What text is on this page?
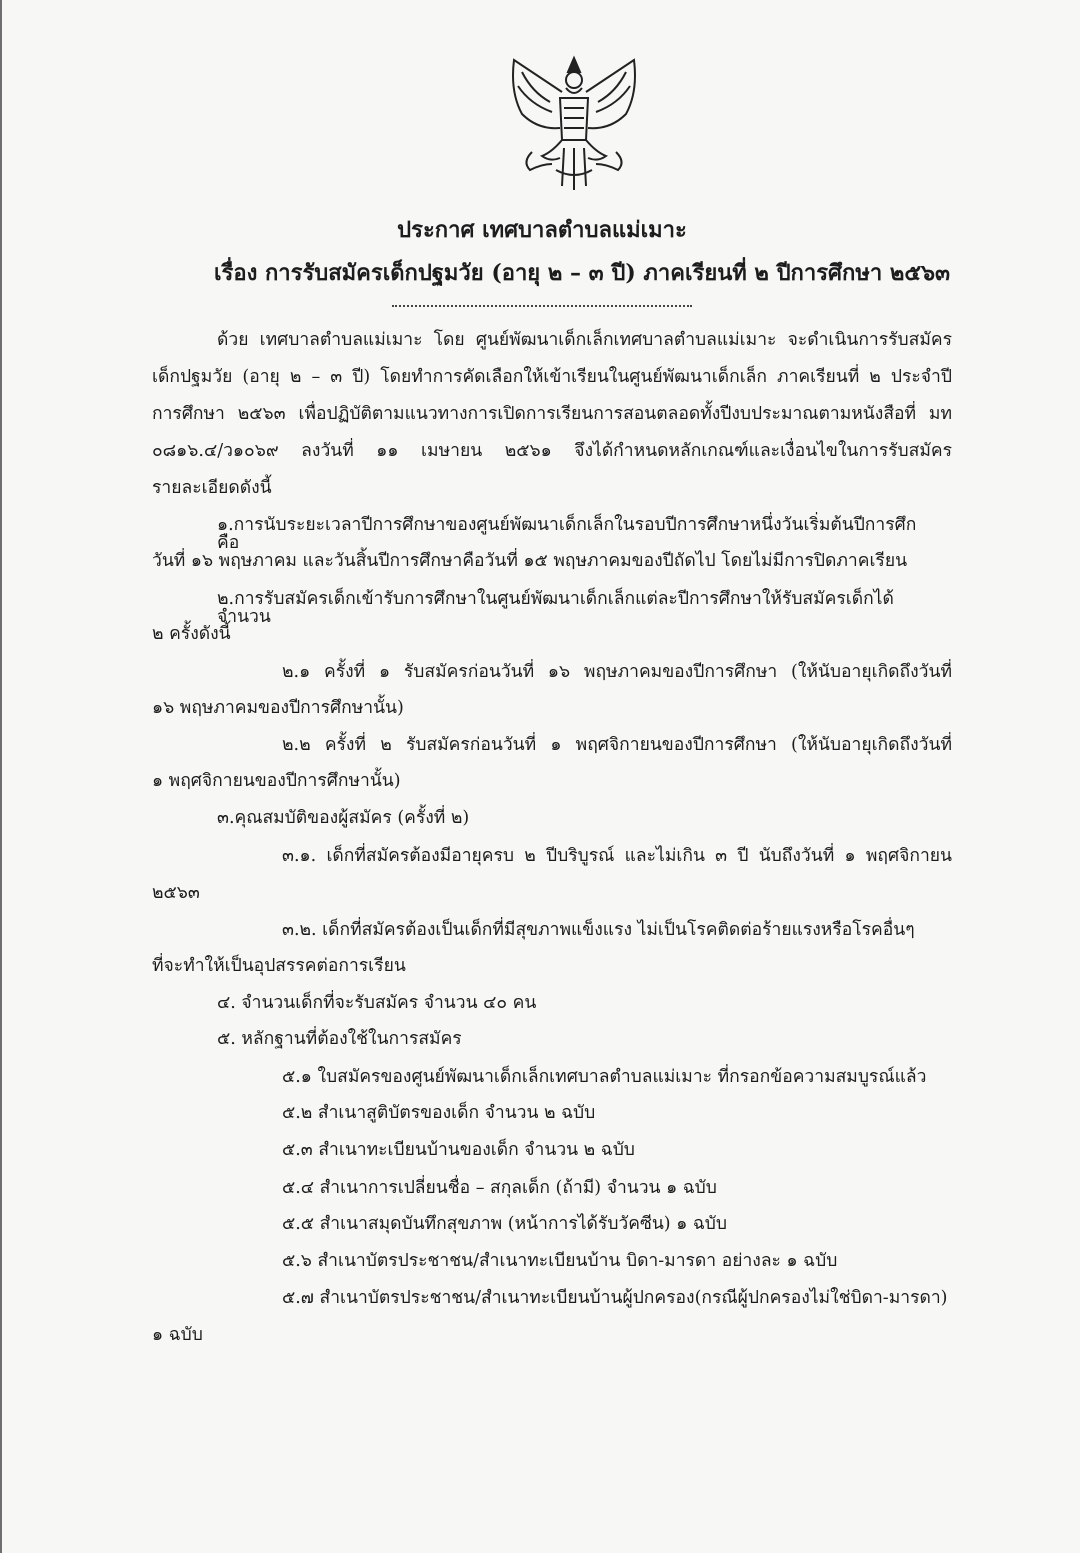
ประกาศ เทศบาลตำบลแม่เมาะ
เรื่อง การรับสมัครเด็กปฐมวัย (อายุ ๒ – ๓ ปี) ภาคเรียนที่ ๒ ปีการศึกษา ๒๕๖๓
ด้วย เทศบาลตำบลแม่เมาะ โดย ศูนย์พัฒนาเด็กเล็กเทศบาลตำบลแม่เมาะ จะดำเนินการรับสมัคร
เด็กปฐมวัย (อายุ ๒ – ๓ ปี) โดยทำการคัดเลือกให้เข้าเรียนในศูนย์พัฒนาเด็กเล็ก ภาคเรียนที่ ๒ ประจำปี
การศึกษา ๒๕๖๓ เพื่อปฏิบัติตามแนวทางการเปิดการเรียนการสอนตลอดทั้งปีงบประมาณตามหนังสือที่ มท
๐๘๑๖.๔/ว๑๐๖๙ ลงวันที่ ๑๑ เมษายน ๒๕๖๑ จึงได้กำหนดหลักเกณฑ์และเงื่อนไขในการรับสมัคร
รายละเอียดดังนี้
๑.การนับระยะเวลาปีการศึกษาของศูนย์พัฒนาเด็กเล็กในรอบปีการศึกษาหนึ่งวันเริ่มต้นปีการศึกคือ
วันที่ ๑๖ พฤษภาคม และวันสิ้นปีการศึกษาคือวันที่ ๑๕ พฤษภาคมของปีถัดไป โดยไม่มีการปิดภาคเรียน
๒.การรับสมัครเด็กเข้ารับการศึกษาในศูนย์พัฒนาเด็กเล็กแต่ละปีการศึกษาให้รับสมัครเด็กได้จำนวน
๒ ครั้งดังนี้
๒.๑ ครั้งที่ ๑ รับสมัครก่อนวันที่ ๑๖ พฤษภาคมของปีการศึกษา (ให้นับอายุเกิดถึงวันที่
๑๖ พฤษภาคมของปีการศึกษานั้น)
๒.๒ ครั้งที่ ๒ รับสมัครก่อนวันที่ ๑ พฤศจิกายนของปีการศึกษา (ให้นับอายุเกิดถึงวันที่
๑ พฤศจิกายนของปีการศึกษานั้น)
๓.คุณสมบัติของผู้สมัคร (ครั้งที่ ๒)
๓.๑. เด็กที่สมัครต้องมีอายุครบ ๒ ปีบริบูรณ์ และไม่เกิน ๓ ปี นับถึงวันที่ ๑ พฤศจิกายน
๒๕๖๓
๓.๒. เด็กที่สมัครต้องเป็นเด็กที่มีสุขภาพแข็งแรง ไม่เป็นโรคติดต่อร้ายแรงหรือโรคอื่นๆ
ที่จะทำให้เป็นอุปสรรคต่อการเรียน
๔. จำนวนเด็กที่จะรับสมัคร จำนวน ๔๐ คน
๕. หลักฐานที่ต้องใช้ในการสมัคร
๕.๑ ใบสมัครของศูนย์พัฒนาเด็กเล็กเทศบาลตำบลแม่เมาะ ที่กรอกข้อความสมบูรณ์แล้ว
๕.๒ สำเนาสูติบัตรของเด็ก จำนวน ๒ ฉบับ
๕.๓ สำเนาทะเบียนบ้านของเด็ก จำนวน ๒ ฉบับ
๕.๔ สำเนาการเปลี่ยนชื่อ – สกุลเด็ก (ถ้ามี) จำนวน ๑ ฉบับ
๕.๕ สำเนาสมุดบันทึกสุขภาพ (หน้าการได้รับวัคซีน) ๑ ฉบับ
๕.๖ สำเนาบัตรประชาชน/สำเนาทะเบียนบ้าน บิดา-มารดา อย่างละ ๑ ฉบับ
๕.๗ สำเนาบัตรประชาชน/สำเนาทะเบียนบ้านผู้ปกครอง(กรณีผู้ปกครองไม่ใช่บิดา-มารดา)
๑ ฉบับ
